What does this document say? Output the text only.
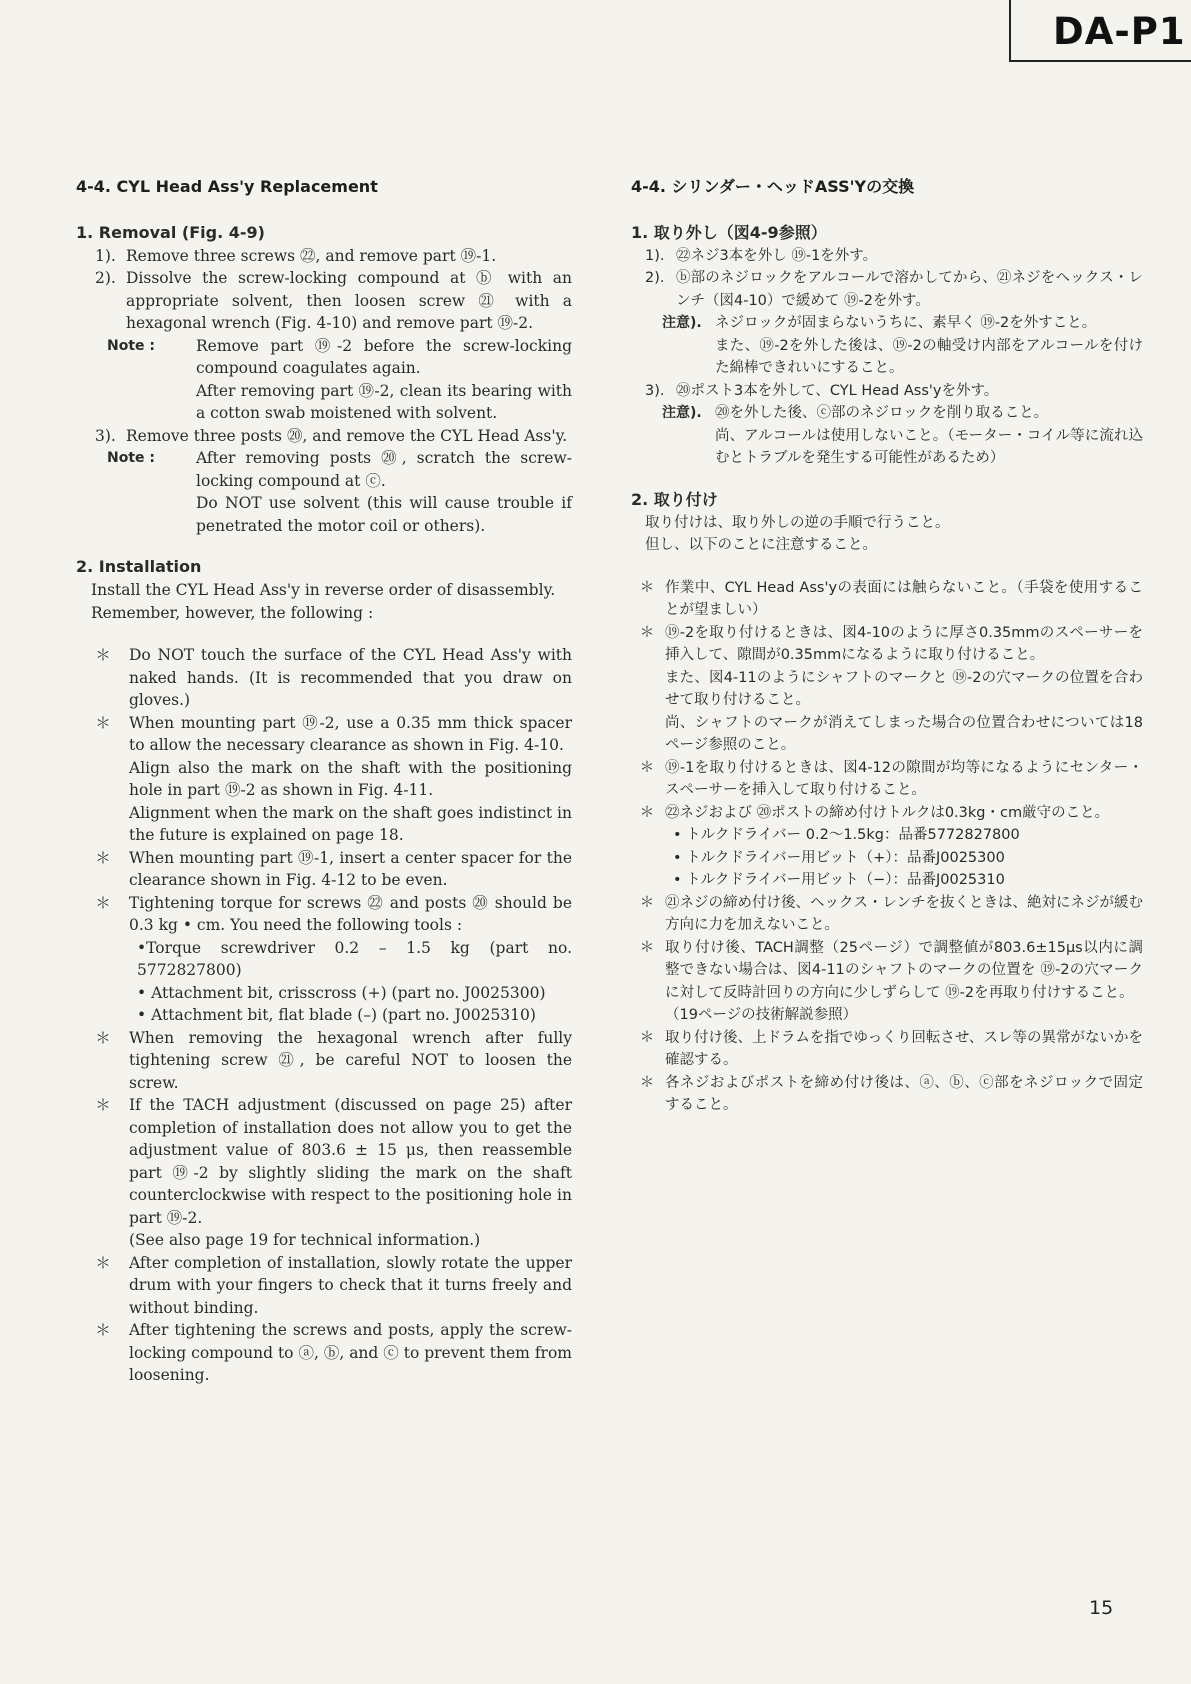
DA-P1
4-4. CYL Head Ass'y Replacement
1. Removal (Fig. 4-9)
1). Remove three screws ㉒, and remove part ⑲-1.
2). Dissolve the screw-locking compound at ⓑ with an appropriate solvent, then loosen screw ㉑ with a hexagonal wrench (Fig. 4-10) and remove part ⑲-2.
Note :	Remove part ⑲-2 before the screw-locking compound coagulates again.
After removing part ⑲-2, clean its bearing with a cotton swab moistened with solvent.
3). Remove three posts ⑳, and remove the CYL Head Ass'y.
Note :	After removing posts ⑳, scratch the screw-locking compound at ⓒ.
Do NOT use solvent (this will cause trouble if penetrated the motor coil or others).
2. Installation
Install the CYL Head Ass'y in reverse order of disassembly.
Remember, however, the following :
＊ Do NOT touch the surface of the CYL Head Ass'y with naked hands. (It is recommended that you draw on gloves.)
＊ When mounting part ⑲-2, use a 0.35 mm thick spacer to allow the necessary clearance as shown in Fig. 4-10.
Align also the mark on the shaft with the positioning hole in part ⑲-2 as shown in Fig. 4-11.
Alignment when the mark on the shaft goes indistinct in the future is explained on page 18.
＊ When mounting part ⑲-1, insert a center spacer for the clearance shown in Fig. 4-12 to be even.
＊ Tightening torque for screws ㉒ and posts ⑳ should be 0.3 kg • cm. You need the following tools :
•Torque screwdriver 0.2 – 1.5 kg (part no. 5772827800)
• Attachment bit, crisscross (+) (part no. J0025300)
• Attachment bit, flat blade (–) (part no. J0025310)
＊ When removing the hexagonal wrench after fully tightening screw ㉑, be careful NOT to loosen the screw.
＊ If the TACH adjustment (discussed on page 25) after completion of installation does not allow you to get the adjustment value of 803.6 ± 15 μs, then reassemble part ⑲-2 by slightly sliding the mark on the shaft counterclockwise with respect to the positioning hole in part ⑲-2.
(See also page 19 for technical information.)
＊ After completion of installation, slowly rotate the upper drum with your fingers to check that it turns freely and without binding.
＊ After tightening the screws and posts, apply the screw-locking compound to ⓐ, ⓑ, and ⓒ to prevent them from loosening.
4-4. シリンダー・ヘッドASS'Yの交換
1. 取り外し（図4-9参照）
1). ㉒ネジ3本を外し ⑲-1を外す。
2). ⓑ部のネジロックをアルコールで溶かしてから、㉑ネジをヘックス・レンチ（図4-10）で緩めて ⑲-2を外す。
注意). ネジロックが固まらないうちに、素早く ⑲-2を外すこと。
また、⑲-2を外した後は、⑲-2の軸受け内部をアルコールを付けた綿棒できれいにすること。
3). ⑳ポスト3本を外して、CYL Head Ass'yを外す。
注意). ⑳を外した後、ⓒ部のネジロックを削り取ること。
尚、アルコールは使用しないこと。（モーター・コイル等に流れ込むとトラブルを発生する可能性があるため）
2. 取り付け
取り付けは、取り外しの逆の手順で行うこと。
但し、以下のことに注意すること。
＊ 作業中、CYL Head Ass'yの表面には触らないこと。（手袋を使用することが望ましい）
＊ ⑲-2を取り付けるときは、図4-10のように厚さ0.35mmのスペーサーを挿入して、隙間が0.35mmになるように取り付けること。
また、図4-11のようにシャフトのマークと ⑲-2の穴マークの位置を合わせて取り付けること。
尚、シャフトのマークが消えてしまった場合の位置合わせについては18ページ参照のこと。
＊ ⑲-1を取り付けるときは、図4-12の隙間が均等になるようにセンター・スペーサーを挿入して取り付けること。
＊ ㉒ネジおよび ⑳ポストの締め付けトルクは0.3kg・cm厳守のこと。
• トルクドライバー 0.2〜1.5kg：品番5772827800
• トルクドライバー用ビット（+）：品番J0025300
• トルクドライバー用ビット（−）：品番J0025310
＊ ㉑ネジの締め付け後、ヘックス・レンチを抜くときは、絶対にネジが緩む方向に力を加えないこと。
＊ 取り付け後、TACH調整（25ページ）で調整値が803.6±15μs以内に調整できない場合は、図4-11のシャフトのマークの位置を ⑲-2の穴マークに対して反時計回りの方向に少しずらして ⑲-2を再取り付けすること。
（19ページの技術解説参照）
＊ 取り付け後、上ドラムを指でゆっくり回転させ、スレ等の異常がないかを確認する。
＊ 各ネジおよびポストを締め付け後は、ⓐ、ⓑ、ⓒ部をネジロックで固定すること。
15
